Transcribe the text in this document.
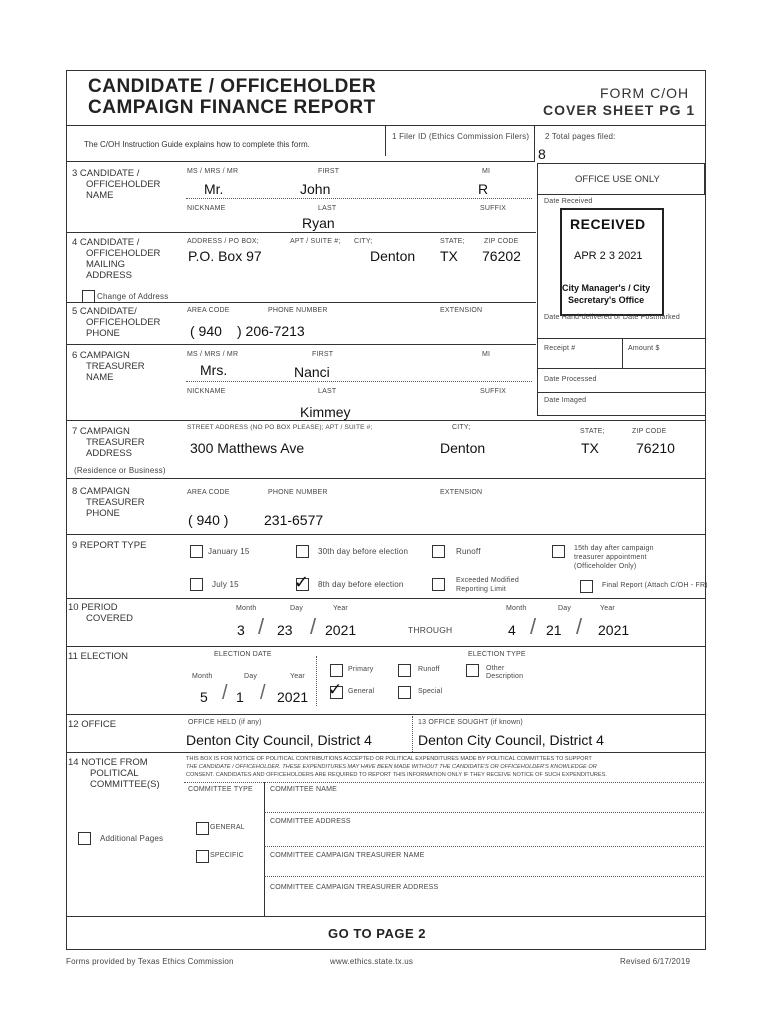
CANDIDATE / OFFICEHOLDER
CAMPAIGN FINANCE REPORT
FORM C/OH
COVER SHEET PG 1
The C/OH Instruction Guide explains how to complete this form.
1 Filer ID (Ethics Commission Filers) 2 Total pages filed:
8
OFFICE USE ONLY
Date Received
RECEIVED
APR 2 3 2021
City Manager's / City
Secretary's Office
Date Hand-delivered or Date Postmarked
Receipt #	Amount $
Date Processed
Date Imaged
3 CANDIDATE /
OFFICEHOLDER
NAME
MS / MRS / MR	FIRST	MI
Mr.	John	R
NICKNAME	LAST	SUFFIX
Ryan
4 CANDIDATE /
OFFICEHOLDER
MAILING
ADDRESS
Change of Address
ADDRESS / PO BOX;	APT / SUITE #; CITY;	STATE;	ZIP CODE
P.O. Box 97	Denton TX 76202
5 CANDIDATE/
OFFICEHOLDER
PHONE
AREA CODE	PHONE NUMBER	EXTENSION
( 940 ) 206-7213
6 CAMPAIGN
TREASURER
NAME
MS / MRS / MR	FIRST	MI
Mrs.	Nanci
NICKNAME	LAST	SUFFIX
Kimmey
7 CAMPAIGN
TREASURER
ADDRESS
(Residence or Business)
STREET ADDRESS (NO PO BOX PLEASE); APT / SUITE #;	CITY;
STATE;	ZIP CODE
300 Matthews Ave	Denton	TX	76210
8 CAMPAIGN
TREASURER
PHONE
AREA CODE	PHONE NUMBER	EXTENSION
( 940 )	231-6577
9 REPORT TYPE
January 15	30th day before election	Runoff	15th day after campaign
treasurer appointment
(Officeholder Only)
July 15	✓ 8th day before election	Exceeded Modified
Reporting Limit
Final Report (Attach C/OH - FR)
10 PERIOD
COVERED
Month	Day	Year	Month	Day	Year
3 / 23 / 2021	THROUGH	4 / 21 / 2021
11 ELECTION	ELECTION DATE	ELECTION TYPE
Month	Day	Year
5 / 1 / 2021
Primary	Runoff	Other
Description
✓ General	Special
12 OFFICE	OFFICE HELD (if any)	13 OFFICE SOUGHT (if known)
Denton City Council, District 4	Denton City Council, District 4
14 NOTICE FROM
POLITICAL
COMMITTEE(S)
THIS BOX IS FOR NOTICE OF POLITICAL CONTRIBUTIONS ACCEPTED OR POLITICAL EXPENDITURES MADE BY POLITICAL COMMITTEES TO SUPPORT
THE CANDIDATE / OFFICEHOLDER. THESE EXPENDITURES MAY HAVE BEEN MADE WITHOUT THE CANDIDATE'S OR OFFICEHOLDER'S KNOWLEDGE OR
CONSENT. CANDIDATES AND OFFICEHOLDERS ARE REQUIRED TO REPORT THIS INFORMATION ONLY IF THEY RECEIVE NOTICE OF SUCH EXPENDITURES.
COMMITTEE TYPE COMMITTEE NAME
COMMITTEE ADDRESS
GENERAL
Additional Pages
SPECIFIC	COMMITTEE CAMPAIGN TREASURER NAME
COMMITTEE CAMPAIGN TREASURER ADDRESS
GO TO PAGE 2
Forms provided by Texas Ethics Commission	www.ethics.state.tx.us	Revised 6/17/2019
